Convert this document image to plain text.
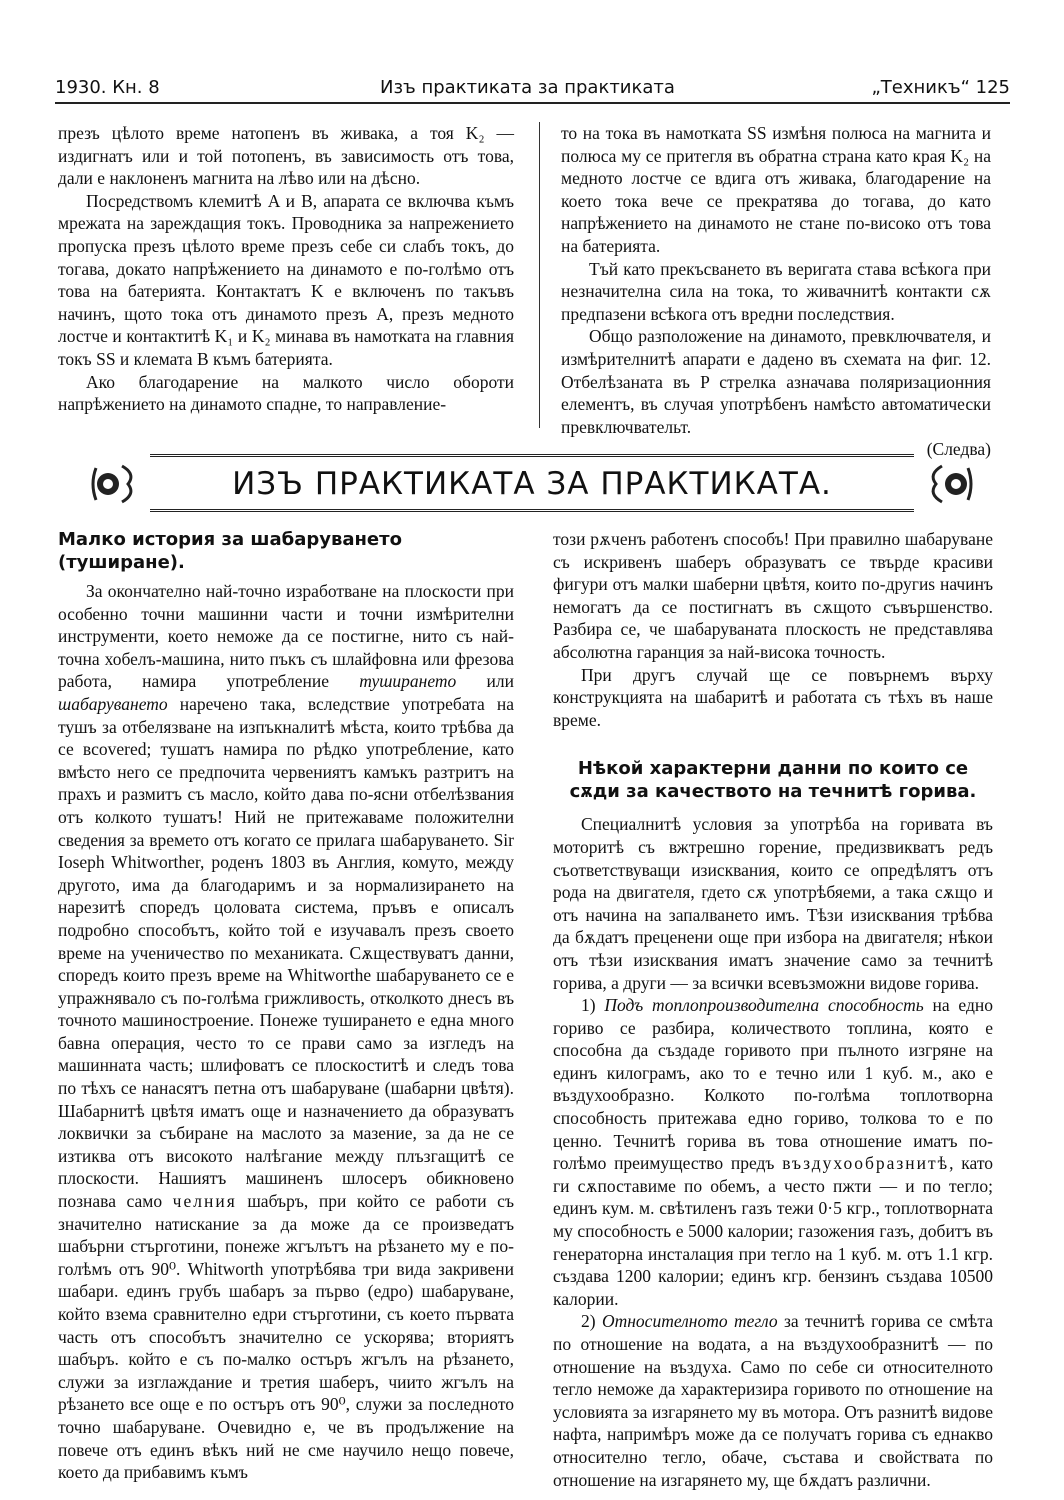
1930. Кн. 8	Изъ практиката за практиката	„Техникъ“ 125

презъ цѣлото време натопенъ въ живака, а тоя K₂ — издигнатъ или и той потопенъ, въ зависимость отъ това, дали е наклоненъ магнита на лѣво или на дѣсно.

Посредствомъ клемитѣ A и B, апарата се включва къмъ мрежата на зареждащия токъ. Проводника за напрежението пропуска презъ цѣлото време презъ себе си слабъ токъ, до тогава, докато напрѣжението на динамото е по-голѣмо отъ това на батерията. Контактатъ K е включенъ по такъвъ начинъ, щото тока отъ динамото презъ A, презъ медното лостче и контактитѣ K₁ и K₂ минава въ намотката на главния токъ SS и клемата B къмъ батерията.

Ако благодарение на малкото число обороти напрѣжението на динамото спадне, то направление-

то на тока въ намотката SS измѣня полюса на магнита и полюса му се притегля въ обратна страна като края K₂ на медното лостче се вдига отъ живака, благодарение на което тока вече се прекратява до тогава, до като напрѣжението на динамото не стане по-високо отъ това на батерията.

Тъй като прекъсването въ веригата става всѣкога при незначителна сила на тока, то живачнитѣ контакти сѫ предпазени всѣкога отъ вредни последствия.

Общо разположение на динамото, превключвателя, и измѣрителнитѣ апарати е дадено въ схемата на фиг. 12. Отбелѣзаната въ P стрелка азначава поляризационния елементъ, въ случая употрѣбенъ намѣсто автоматически превключвательт.

(Следва)

ИЗЪ ПРАКТИКАТА ЗА ПРАКТИКАТА.

Малко история за шабаруването (туширане).

За окончателно най-точно изработване на плоскости при особенно точни машинни части и точни измѣрителни инструменти, което неможе да се постигне, нито съ най-точна хобелъ-машина, нито пъкъ съ шлайфовна или фрезова работа, намира употребление туширането или шабаруването наречено така, вследствие употребата на тушъ за отбелязване на изпъкналитѣ мѣста, които трѣбва да се вcovered; тушатъ намира по рѣдко употребление, като вмѣсто него се предпочита червениятъ камъкъ разтритъ на прахъ и размитъ съ масло, който дава по-ясни отбелѣзвания отъ колкото тушатъ! Ний не притежаваме положителни сведения за времето отъ когато се прилага шабаруването. Sir Ioseph Whitworther, роденъ 1803 въ Англия, комуто, между другото, има да благодаримъ и за нормализирането на нарезитѣ споредъ цоловата система, пръвъ е описалъ подробно способътъ, който той е изучавалъ презъ своето време на ученичество по механиката. Сѫществуватъ данни, споредъ които презъ време на Whitworthe шабаруването се е упражнявало съ по-голѣма грижливость, отколкото днесъ въ точното машиностроение. Понеже туширането е една много бавна операция, често то се прави само за изгледъ на машинната часть; шлифоватъ се плоскоститѣ и следъ това по тѣхъ се нанасятъ петна отъ шабаруване (шабарни цвѣтя). Шабарнитѣ цвѣтя иматъ още и назначението да образуватъ локвички за събиране на маслото за мазение, за да не се изтиква отъ високото налѣгание между плъзгащитѣ се плоскости. Нашиятъ машиненъ шлосеръ обикновено познава само челния шабъръ, при който се работи съ значително натискание за да може да се произведатъ шабърни стърготини, понеже жгълътъ на рѣзането му е по-голѣмъ отъ 90⁰. Whitworth употрѣбява три вида закривени шабари. единъ грубъ шабаръ за първо (едро) шабаруване, който взема сравнително едри стърготини, съ което първата часть отъ способътъ значително се ускорява; вториятъ шабъръ. който е съ по-малко остъръ жгълъ на рѣзането, служи за изглаждание и третия шаберъ, чиито жгълъ на рѣзането все още е по остъръ отъ 90⁰, служи за последното точно шабаруване. Очевидно е, че въ продължение на повече отъ единъ вѣкъ ний не сме научило нещо повече, което да прибавимъ къмъ

този рѫченъ работенъ способъ! При правилно шабаруване съ искривенъ шаберъ образуватъ се твърде красиви фигури отъ малки шаберни цвѣтя, които по-другиѕ начинъ немогатъ да се постигнатъ въ сѫщото съвършенство. Разбира се, че шабаруваната плоскость не представлява абсолютна гаранция за най-висока точность.

При другъ случай ще се повърнемъ върху конструкцията на шабаритѣ и работата съ тѣхъ въ наше време.

Нѣкой характерни данни по които се сѫди за качеството на течнитѣ горива.

Специалнитѣ условия за употрѣба на горивата въ моторитѣ съ вжтрешно горение, предизвикватъ редъ съответствуващи изисквания, които се опредѣлятъ отъ рода на двигателя, гдето сѫ употрѣбяеми, а така сѫщо и отъ начина на запалването имъ. Тѣзи изисквания трѣбва да бѫдатъ преценени още при избора на двигателя; нѣкои отъ тѣзи изисквания иматъ значение само за течнитѣ горива, а други — за всички всевъзможни видове горива.

1) Подъ топлопроизводителна способность на едно гориво се разбира, количеството топлина, която е способна да създаде горивото при пълното изгряне на единъ килограмъ, ако то е течно или 1 куб. м., ако е въздухообразно. Колкото по-голѣма топлотворна способность притежава едно гориво, толкова то е по ценно. Течнитѣ горива въ това отношение иматъ по-голѣмо преимущество предъ въздухообразнитѣ, като ги сѫпоставиме по обемъ, а често пжти — и по тегло; единъ кум. м. свѣтиленъ газъ тежи 0·5 кгр., топлотворната му способность е 5000 калории; газожения газъ, добитъ въ генераторна инсталация при тегло на 1 куб. м. отъ 1.1 кгр. създава 1200 калории; единъ кгр. бензинъ създава 10500 калории.

2) Относителното тегло за течнитѣ горива се смѣта по отношение на водата, а на въздухообразнитѣ — по отношение на въздуха. Само по себе си относителното тегло неможе да характеризира горивото по отношение на условията за изгарянето му въ мотора. Отъ разнитѣ видове нафта, напримѣръ може да се получатъ горива съ еднакво относително тегло, обаче, състава и свойствата по отношение на изгарянето му, ще бѫдатъ различни.
